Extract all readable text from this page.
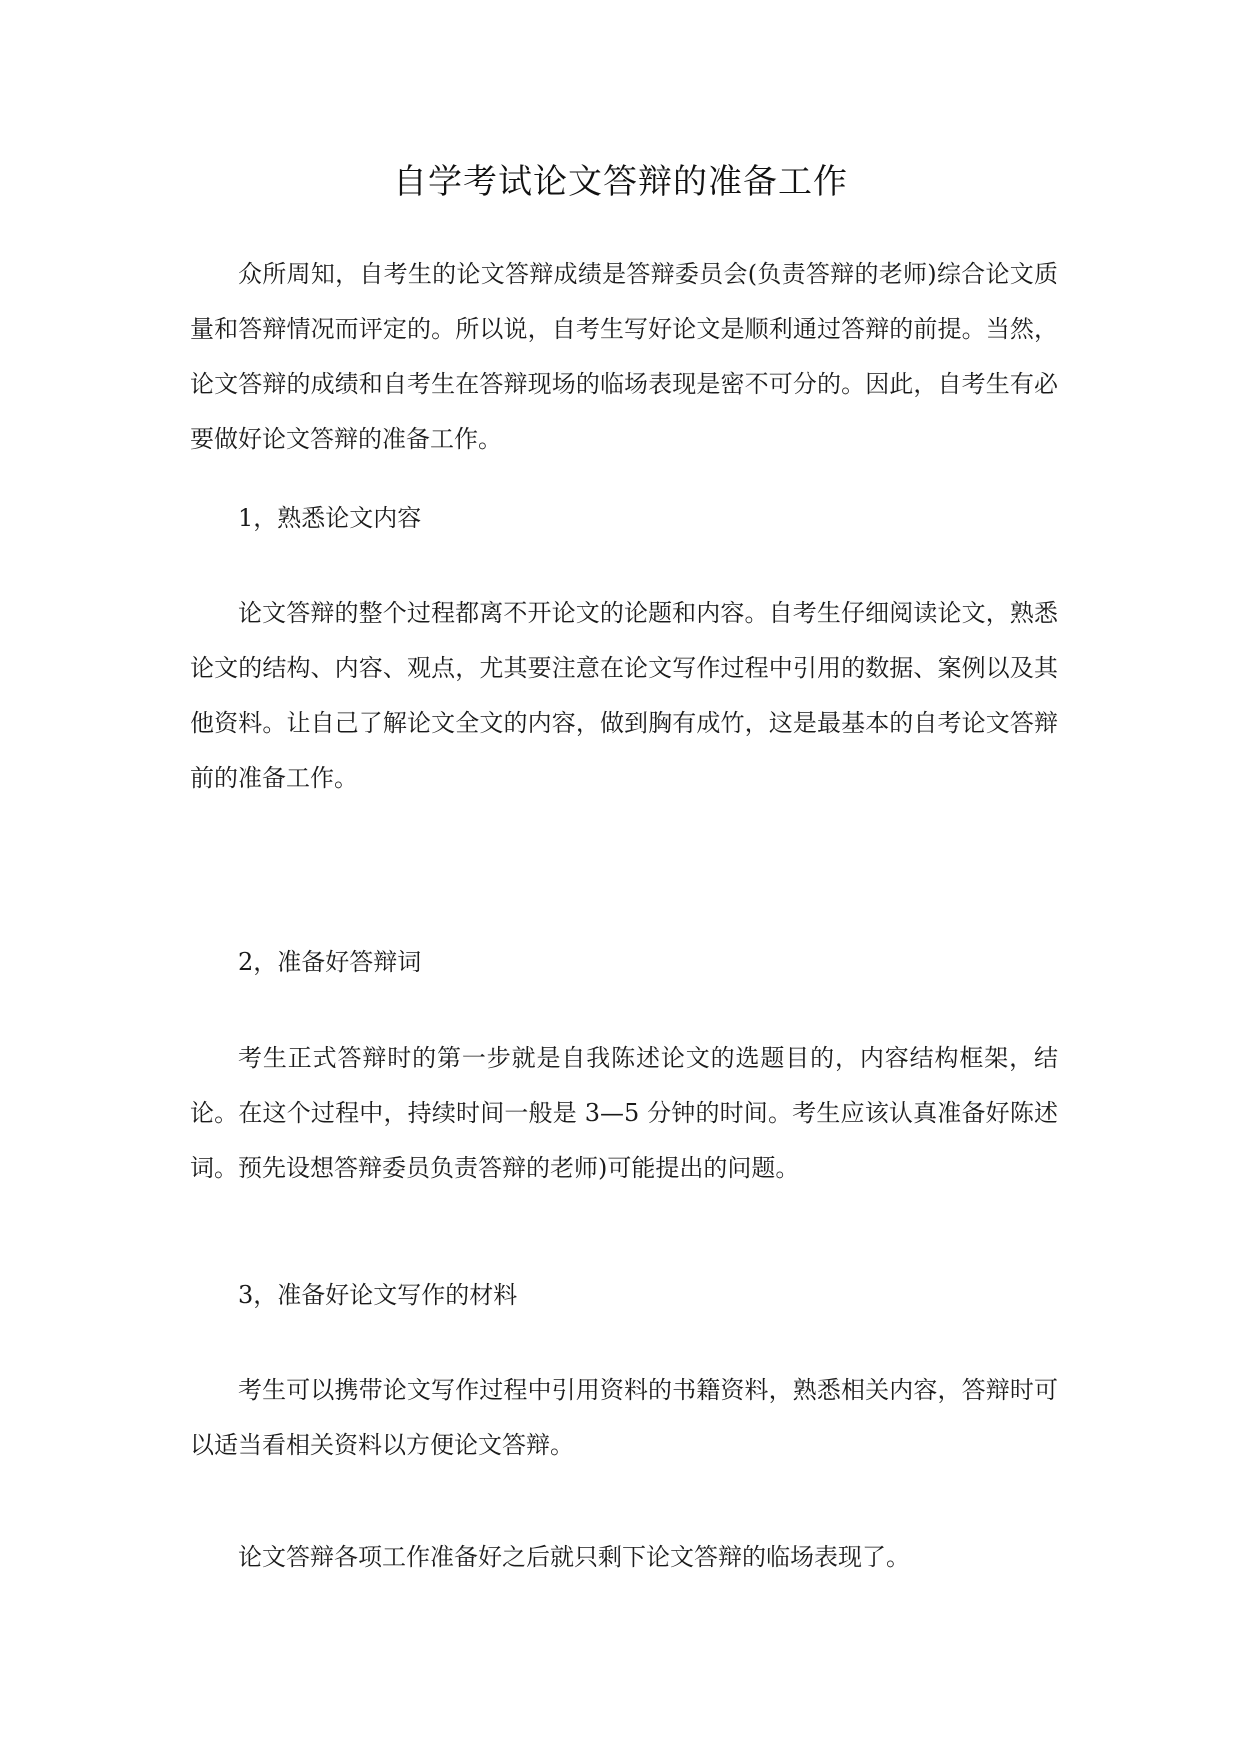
自学考试论文答辩的准备工作
众所周知，自考生的论文答辩成绩是答辩委员会(负责答辩的老师)综合论文质量和答辩情况而评定的。所以说，自考生写好论文是顺利通过答辩的前提。当然，论文答辩的成绩和自考生在答辩现场的临场表现是密不可分的。因此，自考生有必要做好论文答辩的准备工作。
1，熟悉论文内容
论文答辩的整个过程都离不开论文的论题和内容。自考生仔细阅读论文，熟悉论文的结构、内容、观点，尤其要注意在论文写作过程中引用的数据、案例以及其他资料。让自己了解论文全文的内容，做到胸有成竹，这是最基本的自考论文答辩前的准备工作。
2，准备好答辩词
考生正式答辩时的第一步就是自我陈述论文的选题目的，内容结构框架，结论。在这个过程中，持续时间一般是 3—5 分钟的时间。考生应该认真准备好陈述词。预先设想答辩委员负责答辩的老师)可能提出的问题。
3，准备好论文写作的材料
考生可以携带论文写作过程中引用资料的书籍资料，熟悉相关内容，答辩时可以适当看相关资料以方便论文答辩。
论文答辩各项工作准备好之后就只剩下论文答辩的临场表现了。
